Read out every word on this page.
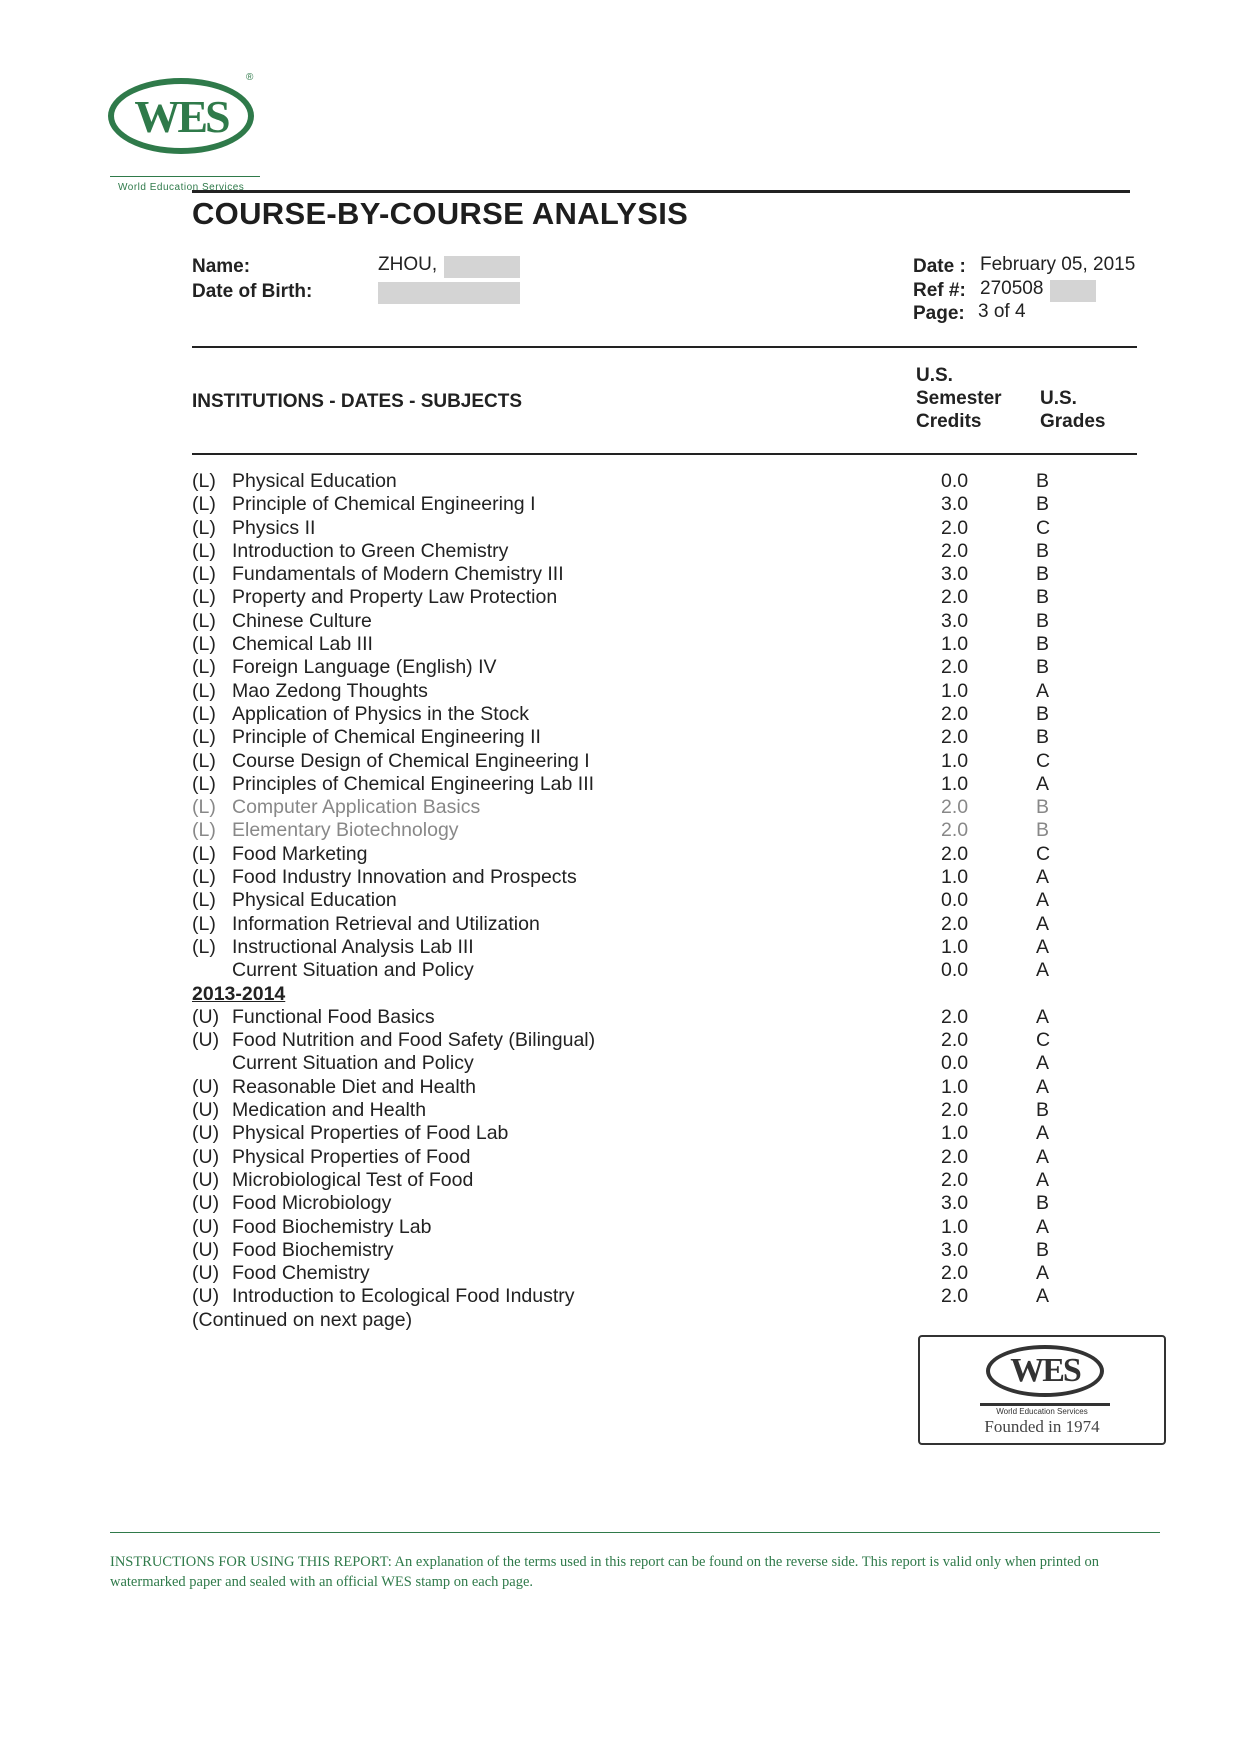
WES
®
World Education Services
COURSE-BY-COURSE ANALYSIS
Name:	ZHOU,
Date of Birth:
Date : February 05, 2015
Ref #: 270508
Page: 3 of 4
INSTITUTIONS - DATES - SUBJECTS
U.S.
Semester
Credits
U.S.
Grades
(L) Physical Education	0.0	B
(L) Principle of Chemical Engineering I	3.0	B
(L) Physics II	2.0	C
(L) Introduction to Green Chemistry	2.0	B
(L) Fundamentals of Modern Chemistry III	3.0	B
(L) Property and Property Law Protection	2.0	B
(L) Chinese Culture	3.0	B
(L) Chemical Lab III	1.0	B
(L) Foreign Language (English) IV	2.0	B
(L) Mao Zedong Thoughts	1.0	A
(L) Application of Physics in the Stock	2.0	B
(L) Principle of Chemical Engineering II	2.0	B
(L) Course Design of Chemical Engineering I	1.0	C
(L) Principles of Chemical Engineering Lab III	1.0	A
(L) Computer Application Basics	2.0	B
(L) Elementary Biotechnology	2.0	B
(L) Food Marketing	2.0	C
(L) Food Industry Innovation and Prospects	1.0	A
(L) Physical Education	0.0	A
(L) Information Retrieval and Utilization	2.0	A
(L) Instructional Analysis Lab III	1.0	A
Current Situation and Policy	0.0	A
2013-2014
(U) Functional Food Basics	2.0	A
(U) Food Nutrition and Food Safety (Bilingual)	2.0	C
Current Situation and Policy	0.0	A
(U) Reasonable Diet and Health	1.0	A
(U) Medication and Health	2.0	B
(U) Physical Properties of Food Lab	1.0	A
(U) Physical Properties of Food	2.0	A
(U) Microbiological Test of Food	2.0	A
(U) Food Microbiology	3.0	B
(U) Food Biochemistry Lab	1.0	A
(U) Food Biochemistry	3.0	B
(U) Food Chemistry	2.0	A
(U) Introduction to Ecological Food Industry	2.0	A
(Continued on next page)
WES
World Education Services
Founded in 1974
INSTRUCTIONS FOR USING THIS REPORT: An explanation of the terms used in this report can be found on the reverse side. This report is valid only when printed on watermarked paper and sealed with an official WES stamp on each page.
